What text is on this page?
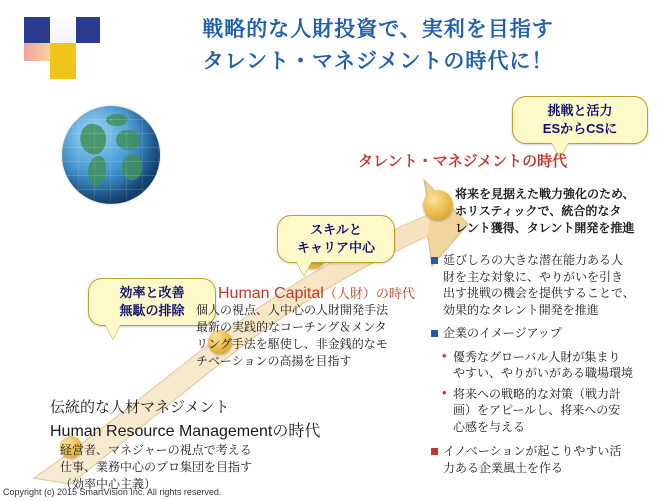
戦略的な人財投資で、実利を目指す
タレント・マネジメントの時代に！
挑戦と活力
ESからCSに
スキルと
キャリア中心
効率と改善
無駄の排除
タレント・マネジメントの時代
将来を見据えた戦力強化のため、
ホリスティックで、統合的なタ
レント獲得、タレント開発を推進
Human Capital（人財）の時代
個人の視点、人中心の人財開発手法
最新の実践的なコーチング＆メンタ
リング手法を駆使し、非金銭的なモ
チベーションの高揚を目指す
伝統的な人材マネジメント
Human Resource Managementの時代
経営者、マネジャーの視点で考える
仕事、業務中心のプロ集団を目指す
（効率中心主義）
延びしろの大きな潜在能力ある人
財を主な対象に、やりがいを引き
出す挑戦の機会を提供することで、
効果的なタレント開発を推進
企業のイメージアップ
• 優秀なグローバル人財が集まり
やすい、やりがいがある職場環境
• 将来への戦略的な対策（戦力計
画）をアピールし、将来への安
心感を与える
イノベーションが起こりやすい活
力ある企業風土を作る
Copyright (c) 2015 SmartVision Inc. All rights reserved.
